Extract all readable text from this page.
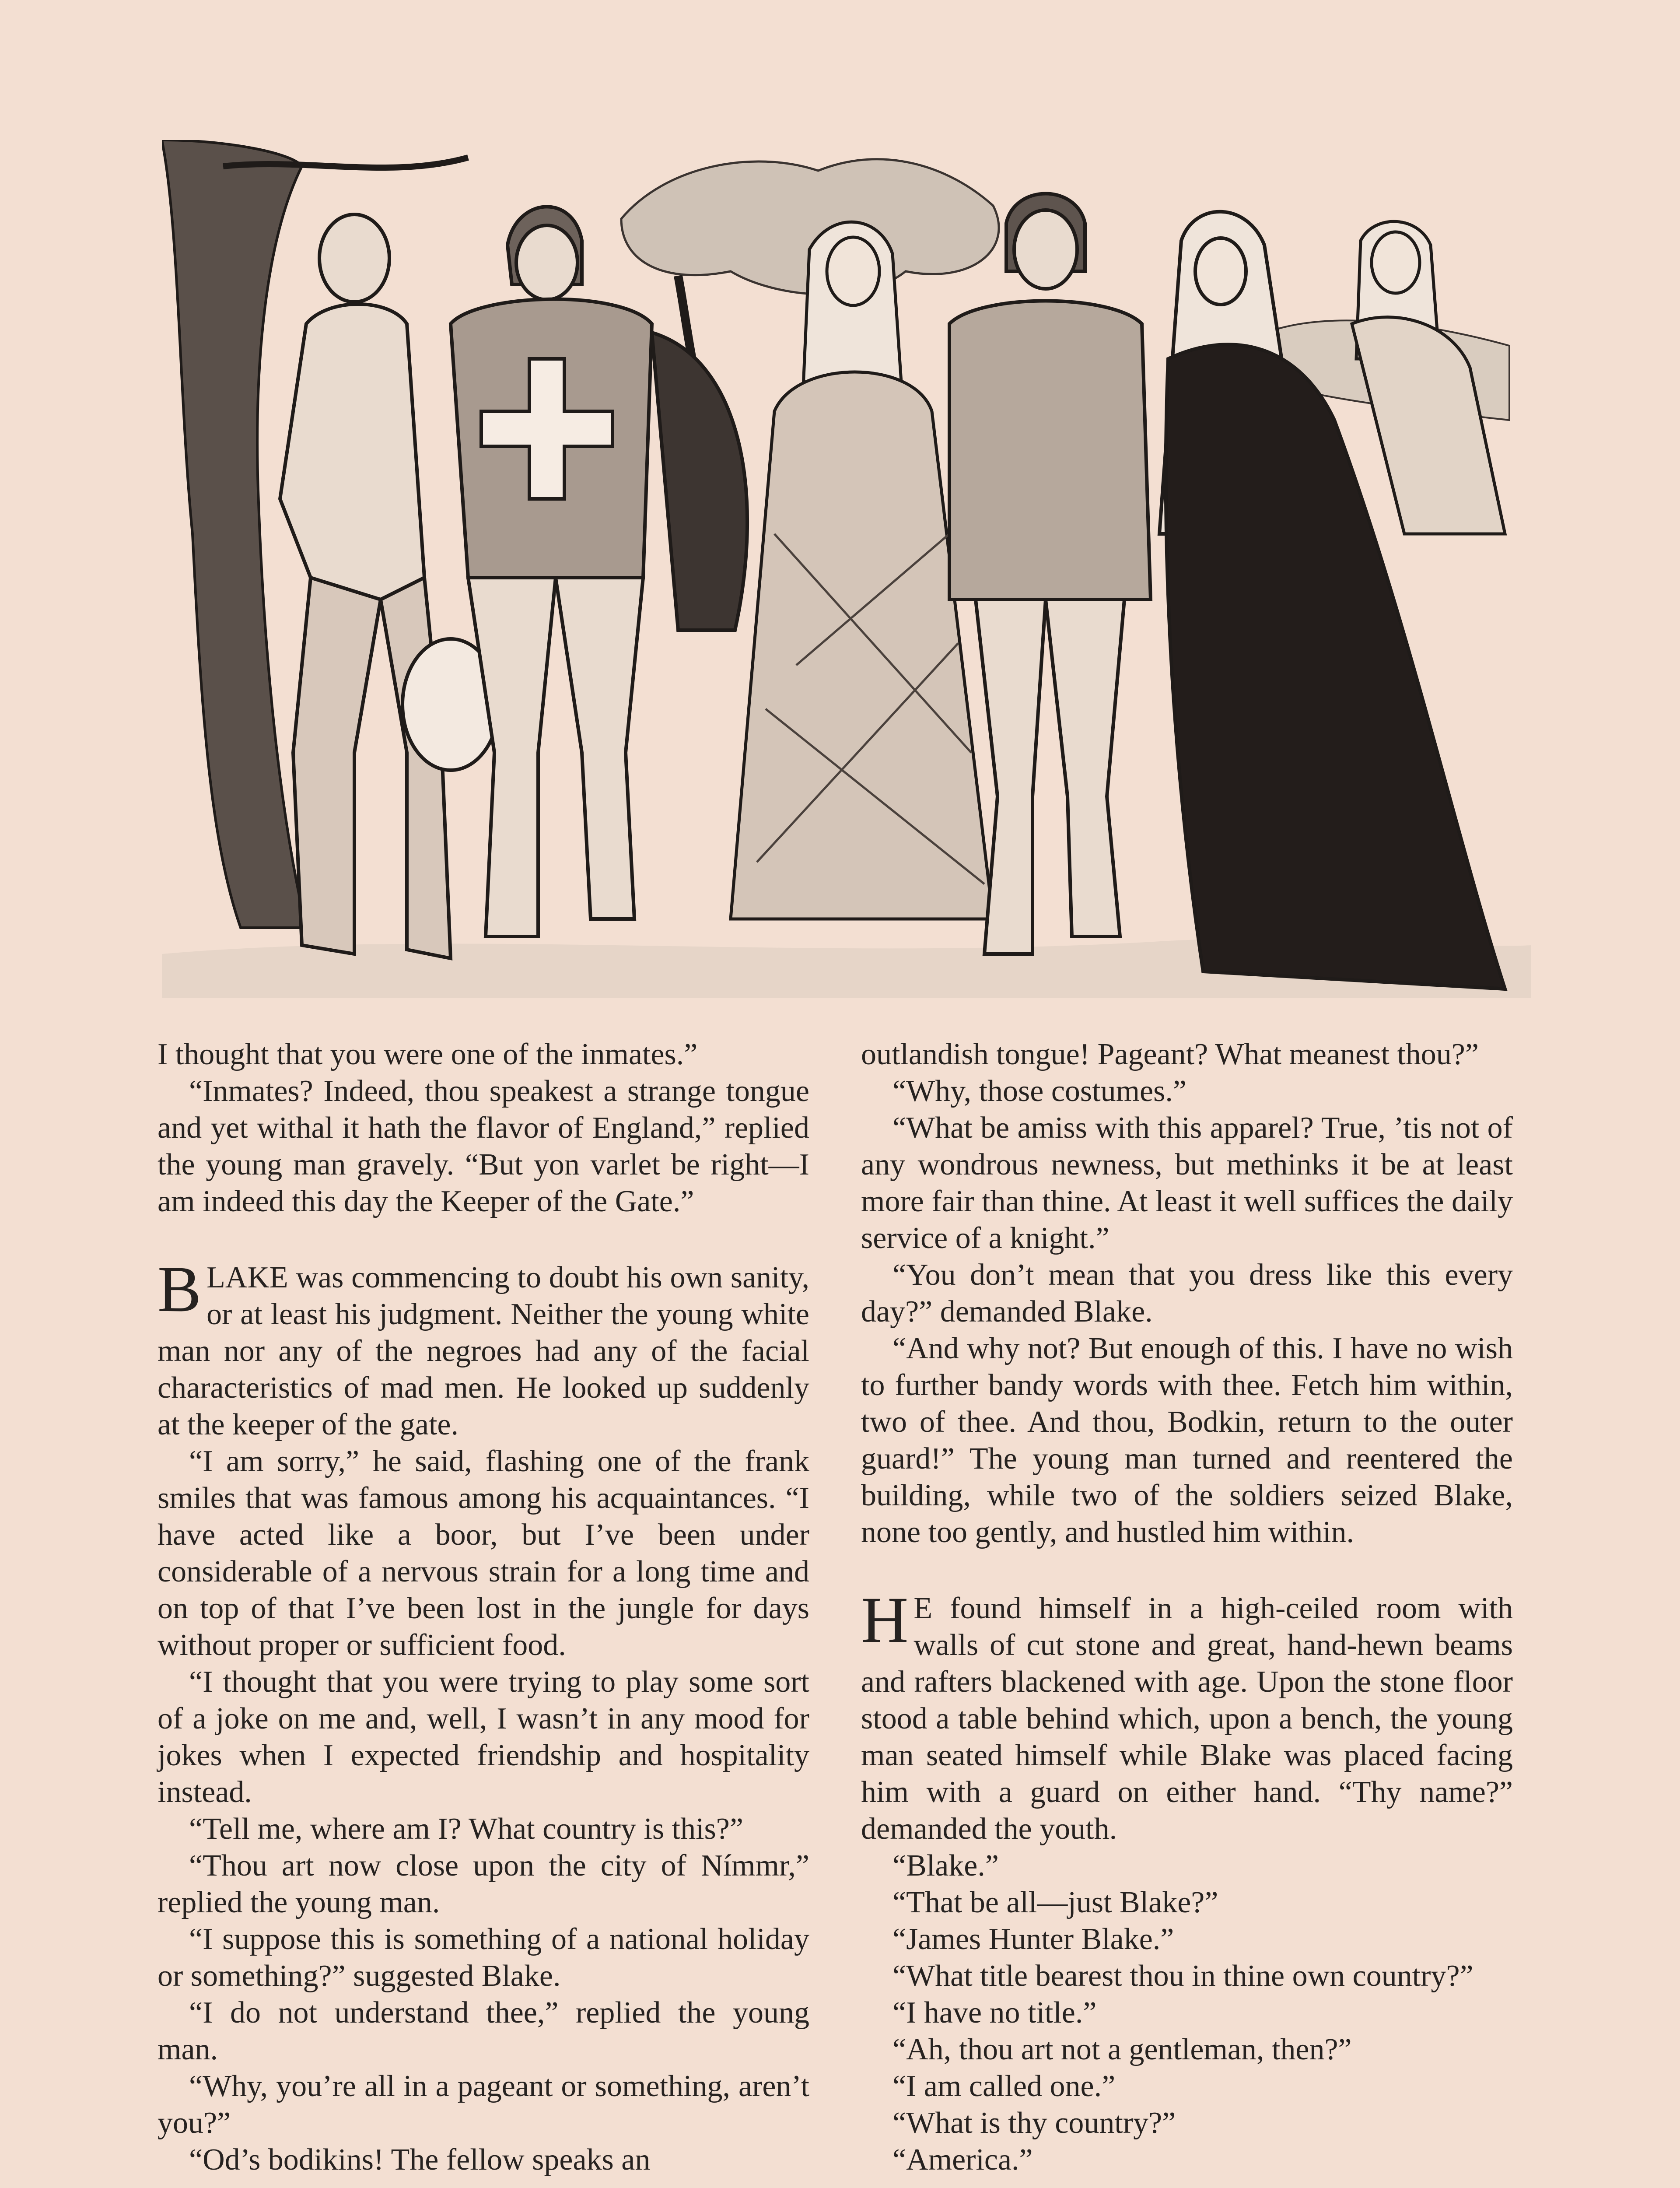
I thought that you were one of the inmates.”

“Inmates? Indeed, thou speakest a strange tongue and yet withal it hath the flavor of England,” replied the young man gravely. “But yon varlet be right—I am indeed this day the Keeper of the Gate.”

BLAKE was commencing to doubt his own sanity, or at least his judgment. Neither the young white man nor any of the negroes had any of the facial characteristics of mad men. He looked up suddenly at the keeper of the gate.

“I am sorry,” he said, flashing one of the frank smiles that was famous among his acquaintances. “I have acted like a boor, but I’ve been under considerable of a nervous strain for a long time and on top of that I’ve been lost in the jungle for days without proper or sufficient food.

“I thought that you were trying to play some sort of a joke on me and, well, I wasn’t in any mood for jokes when I expected friendship and hospitality instead.

“Tell me, where am I? What country is this?”

“Thou art now close upon the city of Nímmr,” replied the young man.

“I suppose this is something of a national holiday or something?” suggested Blake.

“I do not understand thee,” replied the young man.

“Why, you’re all in a pageant or something, aren’t you?”

“Od’s bodikins! The fellow speaks an

outlandish tongue! Pageant? What meanest thou?”

“Why, those costumes.”

“What be amiss with this apparel? True, ’tis not of any wondrous newness, but methinks it be at least more fair than thine. At least it well suffices the daily service of a knight.”

“You don’t mean that you dress like this every day?” demanded Blake.

“And why not? But enough of this. I have no wish to further bandy words with thee. Fetch him within, two of thee. And thou, Bodkin, return to the outer guard!” The young man turned and reentered the building, while two of the soldiers seized Blake, none too gently, and hustled him within.

H E found himself in a high-ceiled room with walls of cut stone and great, hand-hewn beams and rafters blackened with age. Upon the stone floor stood a table behind which, upon a bench, the young man seated himself while Blake was placed facing him with a guard on either hand. “Thy name?” demanded the youth.

“Blake.”

“That be all—just Blake?”

“James Hunter Blake.”

“What title bearest thou in thine own country?”

“I have no title.”

“Ah, thou art not a gentleman, then?”

“I am called one.”

“What is thy country?”

“America.”
